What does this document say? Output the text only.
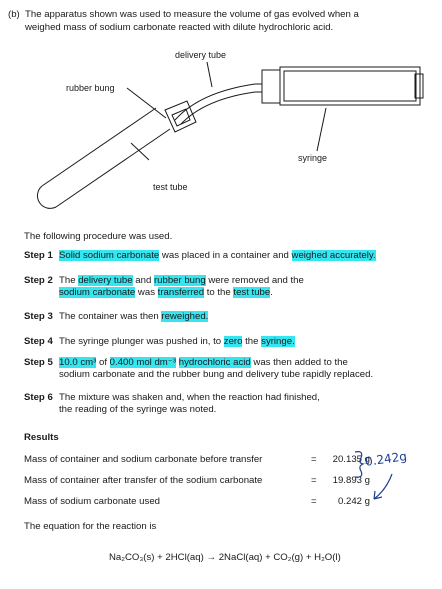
(b) The apparatus shown was used to measure the volume of gas evolved when a
weighed mass of sodium carbonate reacted with dilute hydrochloric acid.
delivery tube
rubber bung
syringe
test tube
The following procedure was used.
Step 1 Solid sodium carbonate was placed in a container and weighed accurately.
Step 2 The delivery tube and rubber bung were removed and the
sodium carbonate was transferred to the test tube.
Step 3 The container was then reweighed.
Step 4 The syringe plunger was pushed in, to zero the syringe.
Step 5 10.0 cm³ of 0.400 mol dm⁻³ hydrochloric acid was then added to the
sodium carbonate and the rubber bung and delivery tube rapidly replaced.
Step 6 The mixture was shaken and, when the reaction had finished,
the reading of the syringe was noted.
Results
Mass of container and sodium carbonate before transfer	= 20.135 g
Mass of container after transfer of the sodium carbonate	= 19.893 g
Mass of sodium carbonate used	=	0.242 g
0.242g
The equation for the reaction is
Na₂CO₃(s) + 2HCl(aq) → 2NaCl(aq) + CO₂(g) + H₂O(l)
